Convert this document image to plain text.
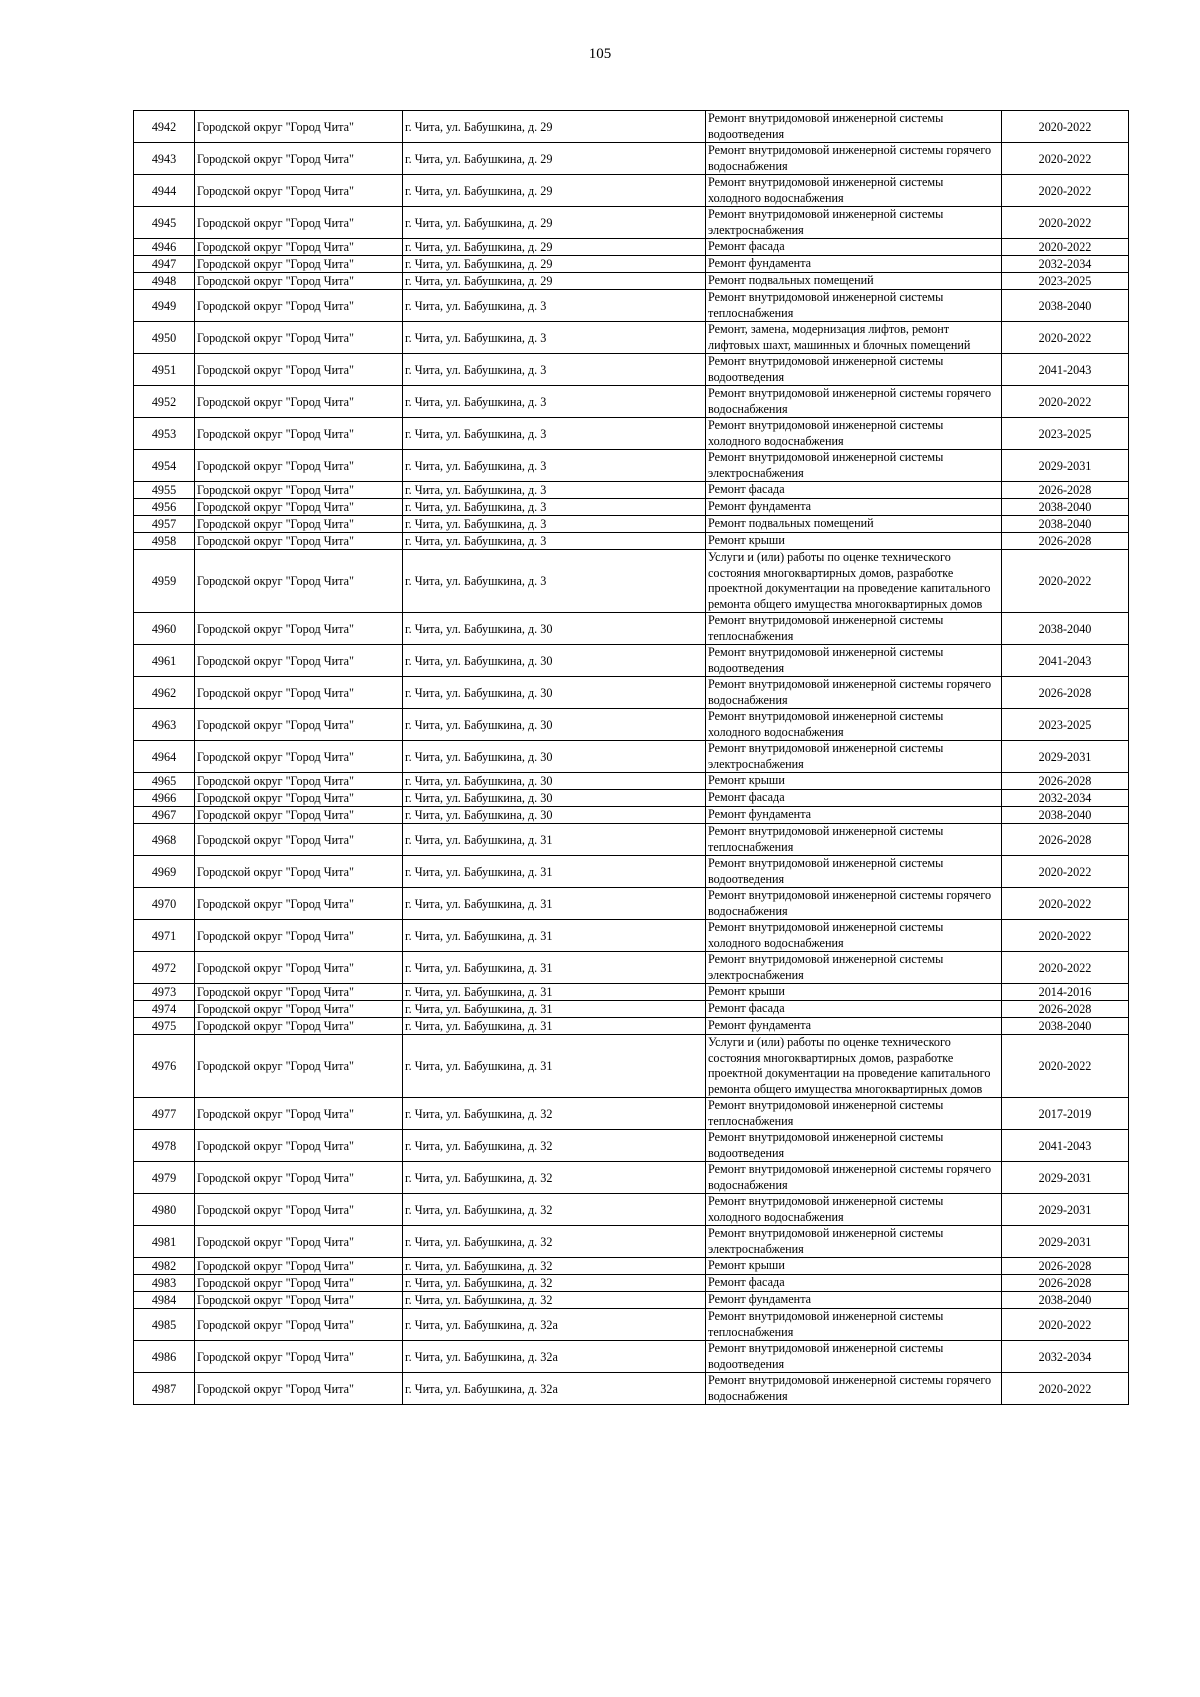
105
4942	Городской округ "Город Чита"	г. Чита, ул. Бабушкина, д. 29	Ремонт внутридомовой инженерной системы водоотведения	2020-2022
4943	Городской округ "Город Чита"	г. Чита, ул. Бабушкина, д. 29	Ремонт внутридомовой инженерной системы горячего водоснабжения	2020-2022
4944	Городской округ "Город Чита"	г. Чита, ул. Бабушкина, д. 29	Ремонт внутридомовой инженерной системы холодного водоснабжения	2020-2022
4945	Городской округ "Город Чита"	г. Чита, ул. Бабушкина, д. 29	Ремонт внутридомовой инженерной системы электроснабжения	2020-2022
4946	Городской округ "Город Чита"	г. Чита, ул. Бабушкина, д. 29	Ремонт фасада	2020-2022
4947	Городской округ "Город Чита"	г. Чита, ул. Бабушкина, д. 29	Ремонт фундамента	2032-2034
4948	Городской округ "Город Чита"	г. Чита, ул. Бабушкина, д. 29	Ремонт подвальных помещений	2023-2025
4949	Городской округ "Город Чита"	г. Чита, ул. Бабушкина, д. 3	Ремонт внутридомовой инженерной системы теплоснабжения	2038-2040
4950	Городской округ "Город Чита"	г. Чита, ул. Бабушкина, д. 3	Ремонт, замена, модернизация лифтов, ремонт лифтовых шахт, машинных и блочных помещений	2020-2022
4951	Городской округ "Город Чита"	г. Чита, ул. Бабушкина, д. 3	Ремонт внутридомовой инженерной системы водоотведения	2041-2043
4952	Городской округ "Город Чита"	г. Чита, ул. Бабушкина, д. 3	Ремонт внутридомовой инженерной системы горячего водоснабжения	2020-2022
4953	Городской округ "Город Чита"	г. Чита, ул. Бабушкина, д. 3	Ремонт внутридомовой инженерной системы холодного водоснабжения	2023-2025
4954	Городской округ "Город Чита"	г. Чита, ул. Бабушкина, д. 3	Ремонт внутридомовой инженерной системы электроснабжения	2029-2031
4955	Городской округ "Город Чита"	г. Чита, ул. Бабушкина, д. 3	Ремонт фасада	2026-2028
4956	Городской округ "Город Чита"	г. Чита, ул. Бабушкина, д. 3	Ремонт фундамента	2038-2040
4957	Городской округ "Город Чита"	г. Чита, ул. Бабушкина, д. 3	Ремонт подвальных помещений	2038-2040
4958	Городской округ "Город Чита"	г. Чита, ул. Бабушкина, д. 3	Ремонт крыши	2026-2028
4959	Городской округ "Город Чита"	г. Чита, ул. Бабушкина, д. 3	Услуги и (или) работы по оценке технического состояния многоквартирных домов, разработке проектной документации на проведение капитального ремонта общего имущества многоквартирных домов	2020-2022
4960	Городской округ "Город Чита"	г. Чита, ул. Бабушкина, д. 30	Ремонт внутридомовой инженерной системы теплоснабжения	2038-2040
4961	Городской округ "Город Чита"	г. Чита, ул. Бабушкина, д. 30	Ремонт внутридомовой инженерной системы водоотведения	2041-2043
4962	Городской округ "Город Чита"	г. Чита, ул. Бабушкина, д. 30	Ремонт внутридомовой инженерной системы горячего водоснабжения	2026-2028
4963	Городской округ "Город Чита"	г. Чита, ул. Бабушкина, д. 30	Ремонт внутридомовой инженерной системы холодного водоснабжения	2023-2025
4964	Городской округ "Город Чита"	г. Чита, ул. Бабушкина, д. 30	Ремонт внутридомовой инженерной системы электроснабжения	2029-2031
4965	Городской округ "Город Чита"	г. Чита, ул. Бабушкина, д. 30	Ремонт крыши	2026-2028
4966	Городской округ "Город Чита"	г. Чита, ул. Бабушкина, д. 30	Ремонт фасада	2032-2034
4967	Городской округ "Город Чита"	г. Чита, ул. Бабушкина, д. 30	Ремонт фундамента	2038-2040
4968	Городской округ "Город Чита"	г. Чита, ул. Бабушкина, д. 31	Ремонт внутридомовой инженерной системы теплоснабжения	2026-2028
4969	Городской округ "Город Чита"	г. Чита, ул. Бабушкина, д. 31	Ремонт внутридомовой инженерной системы водоотведения	2020-2022
4970	Городской округ "Город Чита"	г. Чита, ул. Бабушкина, д. 31	Ремонт внутридомовой инженерной системы горячего водоснабжения	2020-2022
4971	Городской округ "Город Чита"	г. Чита, ул. Бабушкина, д. 31	Ремонт внутридомовой инженерной системы холодного водоснабжения	2020-2022
4972	Городской округ "Город Чита"	г. Чита, ул. Бабушкина, д. 31	Ремонт внутридомовой инженерной системы электроснабжения	2020-2022
4973	Городской округ "Город Чита"	г. Чита, ул. Бабушкина, д. 31	Ремонт крыши	2014-2016
4974	Городской округ "Город Чита"	г. Чита, ул. Бабушкина, д. 31	Ремонт фасада	2026-2028
4975	Городской округ "Город Чита"	г. Чита, ул. Бабушкина, д. 31	Ремонт фундамента	2038-2040
4976	Городской округ "Город Чита"	г. Чита, ул. Бабушкина, д. 31	Услуги и (или) работы по оценке технического состояния многоквартирных домов, разработке проектной документации на проведение капитального ремонта общего имущества многоквартирных домов	2020-2022
4977	Городской округ "Город Чита"	г. Чита, ул. Бабушкина, д. 32	Ремонт внутридомовой инженерной системы теплоснабжения	2017-2019
4978	Городской округ "Город Чита"	г. Чита, ул. Бабушкина, д. 32	Ремонт внутридомовой инженерной системы водоотведения	2041-2043
4979	Городской округ "Город Чита"	г. Чита, ул. Бабушкина, д. 32	Ремонт внутридомовой инженерной системы горячего водоснабжения	2029-2031
4980	Городской округ "Город Чита"	г. Чита, ул. Бабушкина, д. 32	Ремонт внутридомовой инженерной системы холодного водоснабжения	2029-2031
4981	Городской округ "Город Чита"	г. Чита, ул. Бабушкина, д. 32	Ремонт внутридомовой инженерной системы электроснабжения	2029-2031
4982	Городской округ "Город Чита"	г. Чита, ул. Бабушкина, д. 32	Ремонт крыши	2026-2028
4983	Городской округ "Город Чита"	г. Чита, ул. Бабушкина, д. 32	Ремонт фасада	2026-2028
4984	Городской округ "Город Чита"	г. Чита, ул. Бабушкина, д. 32	Ремонт фундамента	2038-2040
4985	Городской округ "Город Чита"	г. Чита, ул. Бабушкина, д. 32а	Ремонт внутридомовой инженерной системы теплоснабжения	2020-2022
4986	Городской округ "Город Чита"	г. Чита, ул. Бабушкина, д. 32а	Ремонт внутридомовой инженерной системы водоотведения	2032-2034
4987	Городской округ "Город Чита"	г. Чита, ул. Бабушкина, д. 32а	Ремонт внутридомовой инженерной системы горячего водоснабжения	2020-2022
